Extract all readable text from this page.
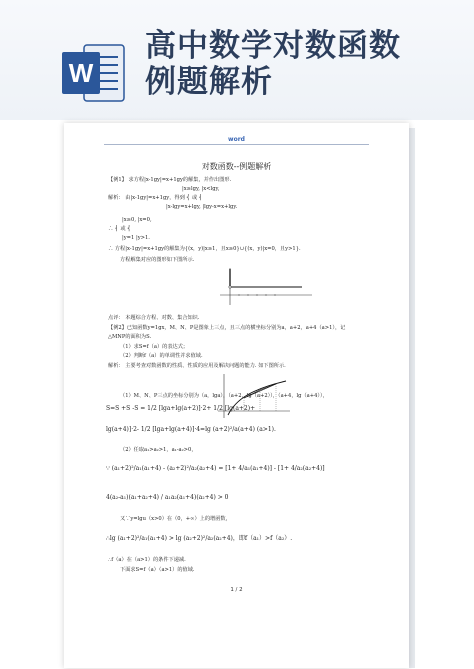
W
高中数学对数函数
例题解析
word
对数函数--例题解析
【例1】 求方程|x-1gy|=x+1gy的解集，并作出图形.
|x≥lgy, |x<lgy,
解析： 由|x-1gy|=x+1gy，得到 ⎨ 或 ⎨
|x-lgy=x+lgy, |lgy-x=x+lgy.
|x≥0, |x=0,
∴ ⎨ 或 ⎨
|y=1 |y>1.
∴ 方程|x-1gy|=x+1gy的解集为{(x，y)|x≥1，且x≥0}∪{(x，y)|x=0，且y>1}.
方程解集对应的图形如下图所示.
点评： 本题综合方程、对数、集合知识.
【例2】已知函数y=1gx，M、N、P是图象上三点，且三点的横坐标分别为a，a+2，a+4（a>1），记
△MNP的面积为S.
（1）求S=f（a）的表达式；
（2）判断f（a）的单调性并求值域.
解析： 主要考查对数函数的性质、性质的应用及解决问题的能力. 如下图所示.
（1）M、N、P三点的坐标分别为（a，lga），（a+2，lg（a+2）），（a+4，lg（a+4）），
S=S +S -S = 1/2 [lga+lg(a+2)]·2+ 1/2 [lg(a+2)+
lg(a+4)]·2- 1/2 [lga+lg(a+4)]·4=lg (a+2)²/a(a+4) (a>1).
（2）任取a₁>a₂>1，a₁-a₂>0，
∵ (a₁+2)²/a₁(a₁+4) - (a₂+2)²/a₂(a₂+4) = [1+ 4/a₁(a₁+4)] - [1+ 4/a₂(a₂+4)]
4(a₂-a₁)(a₁+a₂+4) / a₁a₂(a₁+4)(a₂+4) > 0
又∵y=lgu（x>0）在（0，+∞）上的增函数，
∴lg (a₁+2)²/a₁(a₁+4) > lg (a₂+2)²/a₂(a₂+4)，即f（a₁）>f（a₂）.
∴f（a）在（a>1）的条件下递减.
下面求S=f（a）（a>1）的值域.
1 / 2
